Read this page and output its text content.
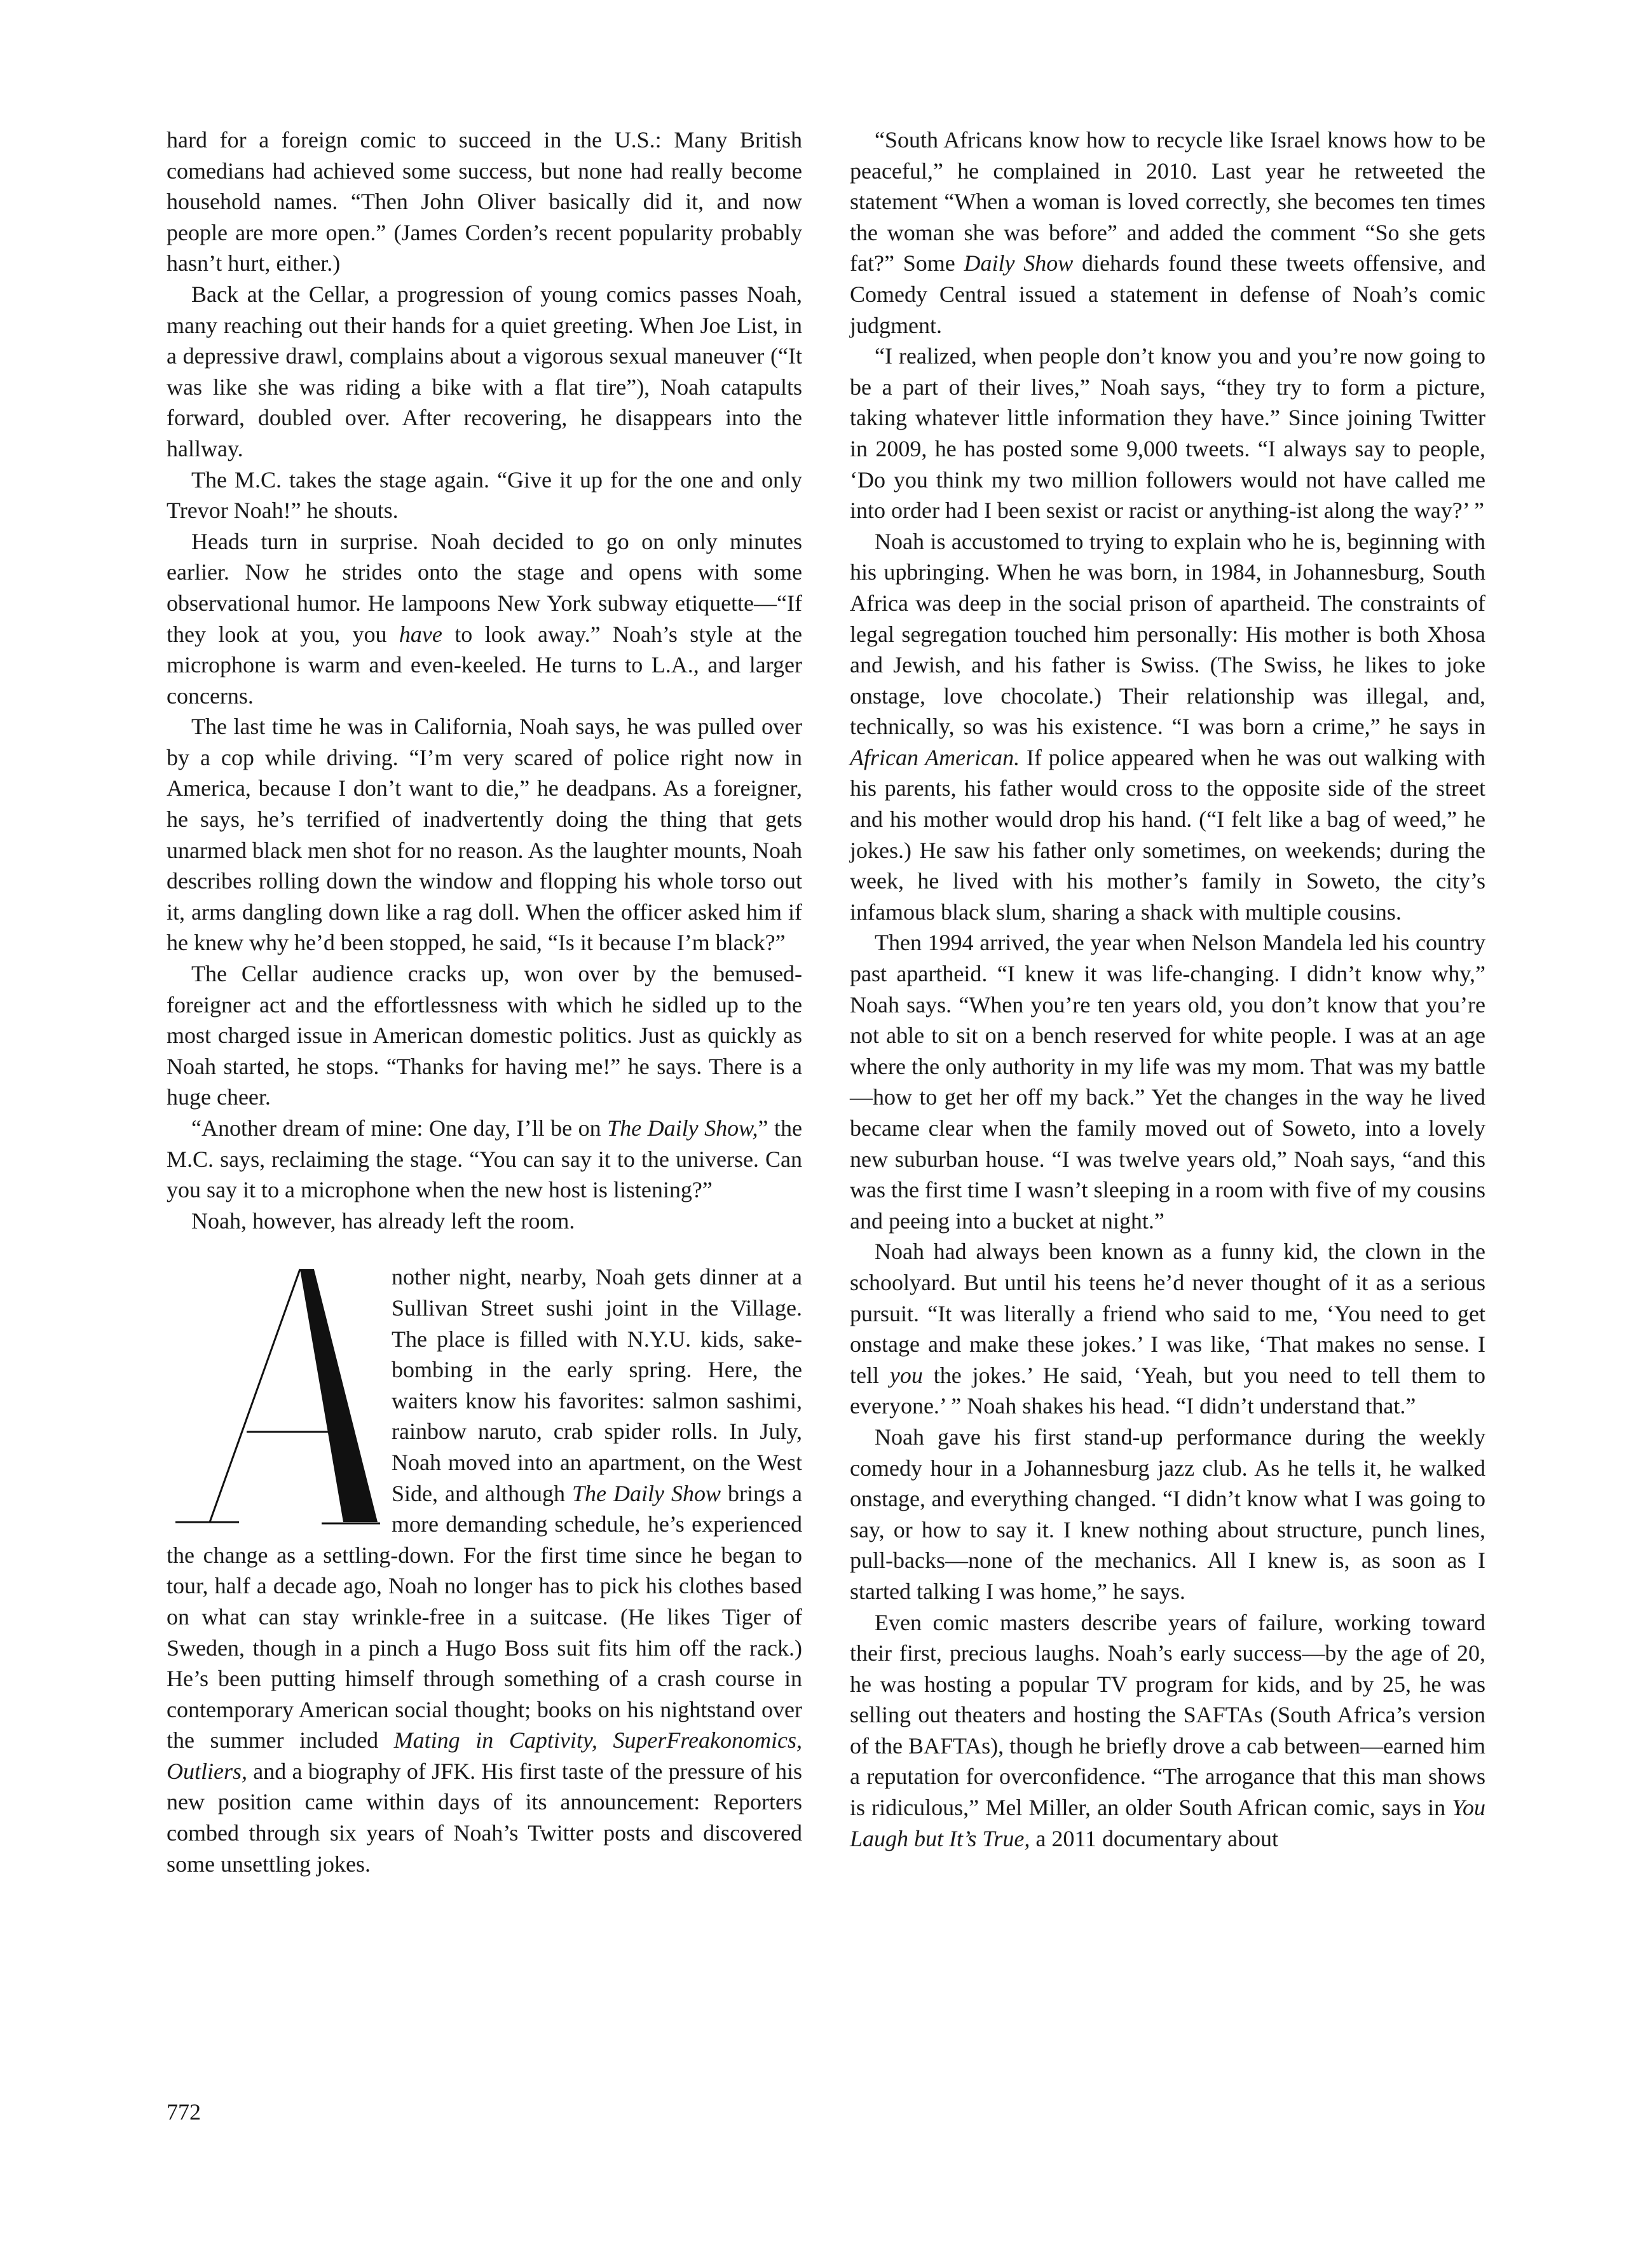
hard for a foreign comic to succeed in the U.S.: Many British comedians had achieved some success, but none had really become household names. “Then John Oliver basically did it, and now people are more open.” (James Corden’s recent popularity probably hasn’t hurt, either.)

Back at the Cellar, a progression of young comics passes Noah, many reaching out their hands for a quiet greeting. When Joe List, in a depressive drawl, complains about a vigorous sexual maneuver (“It was like she was riding a bike with a flat tire”), Noah catapults forward, doubled over. After recovering, he disappears into the hallway.

The M.C. takes the stage again. “Give it up for the one and only Trevor Noah!” he shouts.

Heads turn in surprise. Noah decided to go on only minutes earlier. Now he strides onto the stage and opens with some observational humor. He lampoons New York subway etiquette—“If they look at you, you have to look away.” Noah’s style at the microphone is warm and even-keeled. He turns to L.A., and larger concerns.

The last time he was in California, Noah says, he was pulled over by a cop while driving. “I’m very scared of police right now in America, because I don’t want to die,” he deadpans. As a foreigner, he says, he’s terrified of inadvertently doing the thing that gets unarmed black men shot for no reason. As the laughter mounts, Noah describes rolling down the window and flopping his whole torso out it, arms dangling down like a rag doll. When the officer asked him if he knew why he’d been stopped, he said, “Is it because I’m black?”

The Cellar audience cracks up, won over by the bemused-foreigner act and the effortlessness with which he sidled up to the most charged issue in American domestic politics. Just as quickly as Noah started, he stops. “Thanks for having me!” he says. There is a huge cheer.

“Another dream of mine: One day, I’ll be on The Daily Show,” the M.C. says, reclaiming the stage. “You can say it to the universe. Can you say it to a microphone when the new host is listening?”

Noah, however, has already left the room.

nother night, nearby, Noah gets dinner at a Sullivan Street sushi joint in the Village. The place is filled with N.Y.U. kids, sake-bombing in the early spring. Here, the waiters know his favorites: salmon sashimi, rainbow naruto, crab spider rolls. In July, Noah moved into an apartment, on the West Side, and although The Daily Show brings a more demanding schedule, he’s experienced the change as a settling-down. For the first time since he began to tour, half a decade ago, Noah no longer has to pick his clothes based on what can stay wrinkle-free in a suitcase. (He likes Tiger of Sweden, though in a pinch a Hugo Boss suit fits him off the rack.) He’s been putting himself through something of a crash course in contemporary American social thought; books on his nightstand over the summer included Mating in Captivity, SuperFreakonomics, Outliers, and a biography of JFK. His first taste of the pressure of his new position came within days of its announcement: Reporters combed through six years of Noah’s Twitter posts and discovered some unsettling jokes.

“South Africans know how to recycle like Israel knows how to be peaceful,” he complained in 2010. Last year he retweeted the statement “When a woman is loved correctly, she becomes ten times the woman she was before” and added the comment “So she gets fat?” Some Daily Show diehards found these tweets offensive, and Comedy Central issued a statement in defense of Noah’s comic judgment.

“I realized, when people don’t know you and you’re now going to be a part of their lives,” Noah says, “they try to form a picture, taking whatever little information they have.” Since joining Twitter in 2009, he has posted some 9,000 tweets. “I always say to people, ‘Do you think my two million followers would not have called me into order had I been sexist or racist or anything-ist along the way?’ ”

Noah is accustomed to trying to explain who he is, beginning with his upbringing. When he was born, in 1984, in Johannesburg, South Africa was deep in the social prison of apartheid. The constraints of legal segregation touched him personally: His mother is both Xhosa and Jewish, and his father is Swiss. (The Swiss, he likes to joke onstage, love chocolate.) Their relationship was illegal, and, technically, so was his existence. “I was born a crime,” he says in African American. If police appeared when he was out walking with his parents, his father would cross to the opposite side of the street and his mother would drop his hand. (“I felt like a bag of weed,” he jokes.) He saw his father only sometimes, on weekends; during the week, he lived with his mother’s family in Soweto, the city’s infamous black slum, sharing a shack with multiple cousins.

Then 1994 arrived, the year when Nelson Mandela led his country past apartheid. “I knew it was life-changing. I didn’t know why,” Noah says. “When you’re ten years old, you don’t know that you’re not able to sit on a bench reserved for white people. I was at an age where the only authority in my life was my mom. That was my battle—how to get her off my back.” Yet the changes in the way he lived became clear when the family moved out of Soweto, into a lovely new suburban house. “I was twelve years old,” Noah says, “and this was the first time I wasn’t sleeping in a room with five of my cousins and peeing into a bucket at night.”

Noah had always been known as a funny kid, the clown in the schoolyard. But until his teens he’d never thought of it as a serious pursuit. “It was literally a friend who said to me, ‘You need to get onstage and make these jokes.’ I was like, ‘That makes no sense. I tell you the jokes.’ He said, ‘Yeah, but you need to tell them to everyone.’ ” Noah shakes his head. “I didn’t understand that.”

Noah gave his first stand-up performance during the weekly comedy hour in a Johannesburg jazz club. As he tells it, he walked onstage, and everything changed. “I didn’t know what I was going to say, or how to say it. I knew nothing about structure, punch lines, pull-backs—none of the mechanics. All I knew is, as soon as I started talking I was home,” he says.

Even comic masters describe years of failure, working toward their first, precious laughs. Noah’s early success—by the age of 20, he was hosting a popular TV program for kids, and by 25, he was selling out theaters and hosting the SAFTAs (South Africa’s version of the BAFTAs), though he briefly drove a cab between—earned him a reputation for overconfidence. “The arrogance that this man shows is ridiculous,” Mel Miller, an older South African comic, says in You Laugh but It’s True, a 2011 documentary about

772
